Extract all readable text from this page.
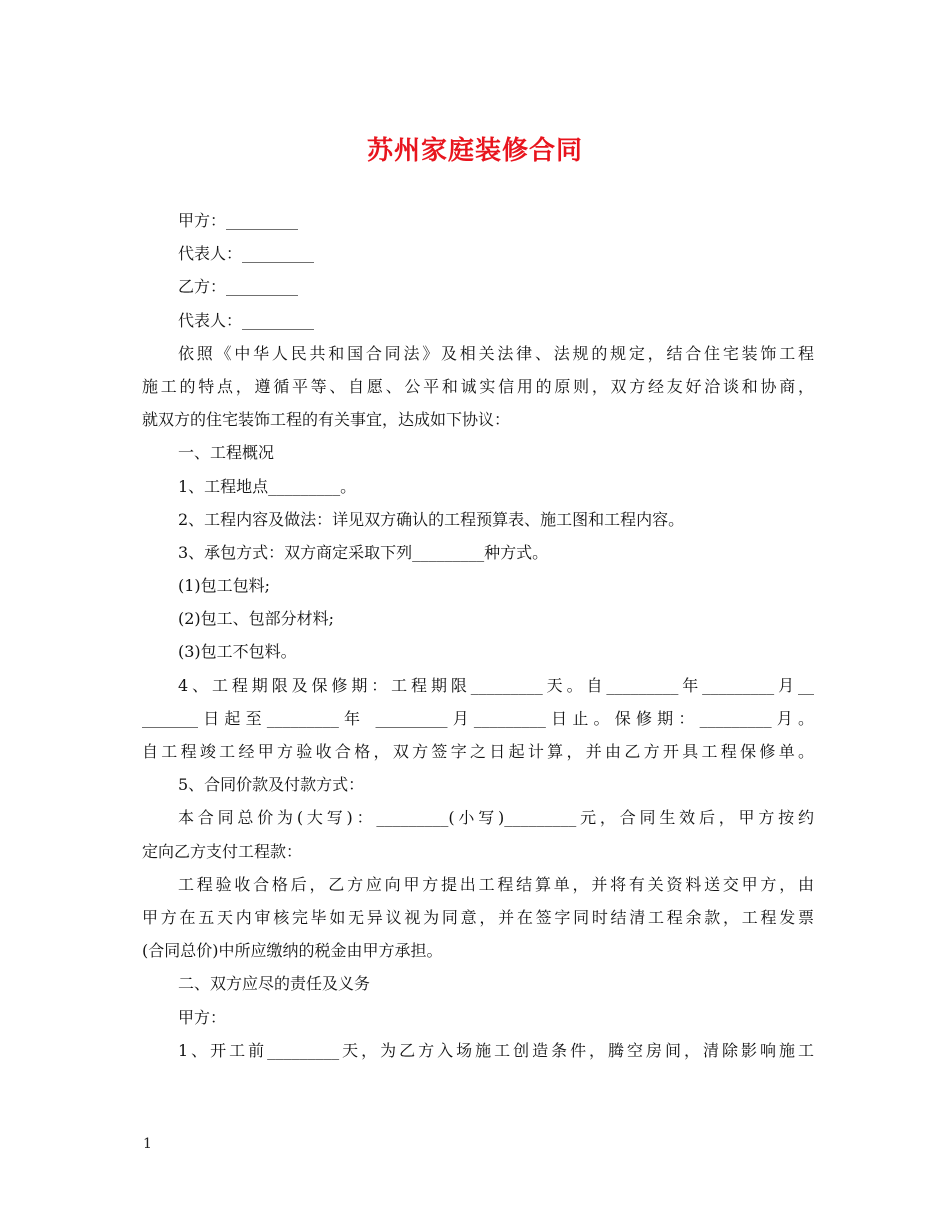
苏州家庭装修合同
甲方：_________
代表人：_________
乙方：_________
代表人：_________
依照《中华人民共和国合同法》及相关法律、法规的规定，结合住宅装饰工程
施工的特点，遵循平等、自愿、公平和诚实信用的原则，双方经友好洽谈和协商，
就双方的住宅装饰工程的有关事宜，达成如下协议：
一、工程概况
1、工程地点_________。
2、工程内容及做法：详见双方确认的工程预算表、施工图和工程内容。
3、承包方式：双方商定采取下列_________种方式。
(1)包工包料;
(2)包工、包部分材料;
(3)包工不包料。
4、工程期限及保修期：工程期限_________天。自_________年_________月__
_______日起至_________年 _________月_________日止。保修期：_________月。
自工程竣工经甲方验收合格，双方签字之日起计算，并由乙方开具工程保修单。
5、合同价款及付款方式：
本合同总价为(大写)：_________(小写)_________元，合同生效后，甲方按约
定向乙方支付工程款：
工程验收合格后，乙方应向甲方提出工程结算单，并将有关资料送交甲方，由
甲方在五天内审核完毕如无异议视为同意，并在签字同时结清工程余款，工程发票
(合同总价)中所应缴纳的税金由甲方承担。
二、双方应尽的责任及义务
甲方：
1、开工前_________天，为乙方入场施工创造条件，腾空房间，清除影响施工
1
